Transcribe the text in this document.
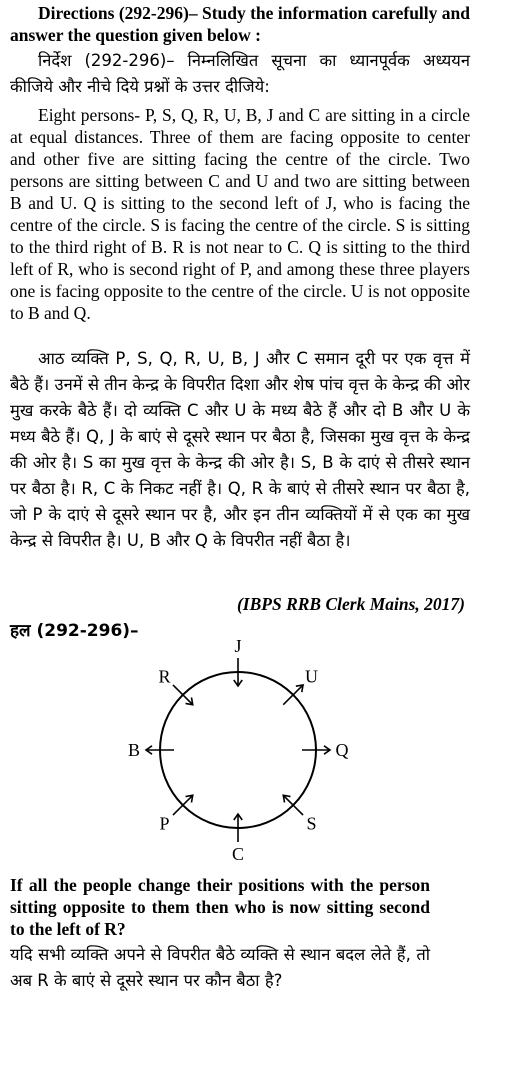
Directions (292-296)– Study the information carefully and answer the question given below :

निर्देश (292-296)– निम्नलिखित सूचना का ध्यानपूर्वक अध्ययन कीजिये और नीचे दिये प्रश्नों के उत्तर दीजिये:

Eight persons- P, S, Q, R, U, B, J and C are sitting in a circle at equal distances. Three of them are facing opposite to center and other five are sitting facing the centre of the circle. Two persons are sitting between C and U and two are sitting between B and U. Q is sitting to the second left of J, who is facing the centre of the circle. S is facing the centre of the circle. S is sitting to the third right of B. R is not near to C. Q is sitting to the third left of R, who is second right of P, and among these three players one is facing opposite to the centre of the circle. U is not opposite to B and Q.

आठ व्यक्ति P, S, Q, R, U, B, J और C समान दूरी पर एक वृत्त में बैठे हैं। उनमें से तीन केन्द्र के विपरीत दिशा और शेष पांच वृत्त के केन्द्र की ओर मुख करके बैठे हैं। दो व्यक्ति C और U के मध्य बैठे हैं और दो B और U के मध्य बैठे हैं। Q, J के बाएं से दूसरे स्थान पर बैठा है, जिसका मुख वृत्त के केन्द्र की ओर है। S का मुख वृत्त के केन्द्र की ओर है। S, B के दाएं से तीसरे स्थान पर बैठा है। R, C के निकट नहीं है। Q, R के बाएं से तीसरे स्थान पर बैठा है, जो P के दाएं से दूसरे स्थान पर है, और इन तीन व्यक्तियों में से एक का मुख केन्द्र से विपरीत है। U, B और Q के विपरीत नहीं बैठा है।

(IBPS RRB Clerk Mains, 2017)
हल (292-296)–
J
U
Q
S
C
P
B
R

If all the people change their positions with the person sitting opposite to them then who is now sitting second to the left of R?

यदि सभी व्यक्ति अपने से विपरीत बैठे व्यक्ति से स्थान बदल लेते हैं, तो अब R के बाएं से दूसरे स्थान पर कौन बैठा है?
